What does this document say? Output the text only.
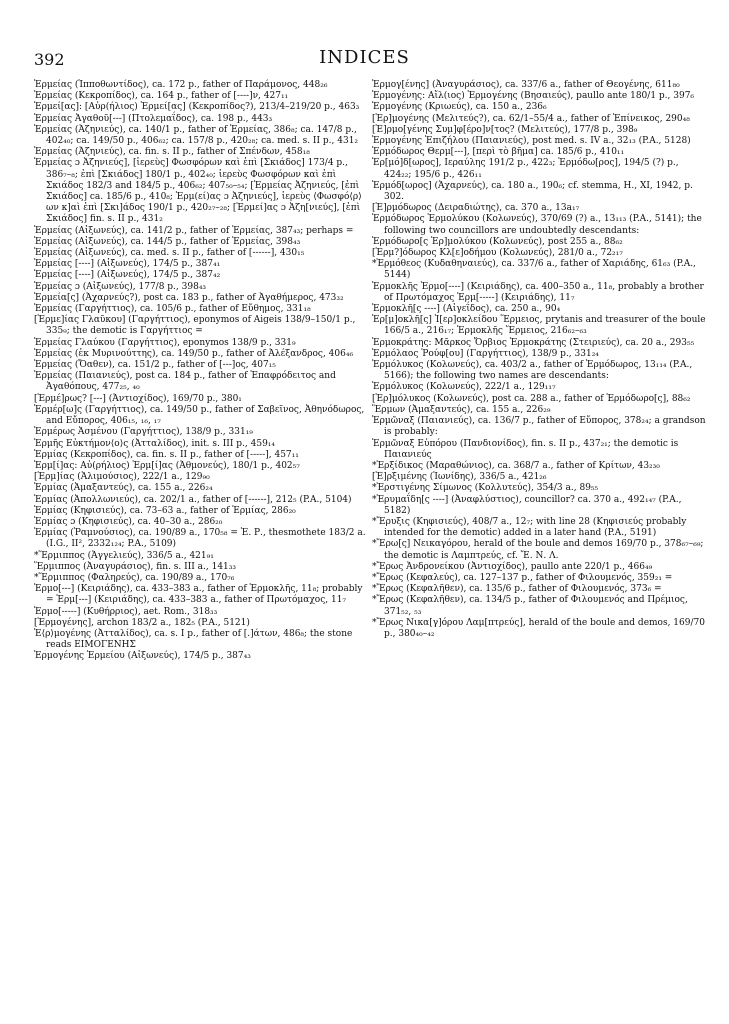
392	INDICES

Ἑρμείας (Ἱπποθωντίδος), ca. 172 p., father of Παράμονος, 448₂₆

Ἑρμείας (Κεκροπίδος), ca. 164 p., father of [----]ν, 427₁₁

Ἑρμεί[ας]: [Αὐρ(ήλιος) Ἑρμεί[ας] (Κεκροπίδος?), 213/4–219/20 p., 463₃

Ἑρμείας Ἀγαθοῦ[---] (Πτολεμαΐδος), ca. 198 p., 443₃

Ἑρμείας (Ἀζηνιεύς), ca. 140/1 p., father of Ἑρμείας, 386₈; ca. 147/8 p., 402₄₀; ca. 149/50 p., 406₆₂; ca. 157/8 p., 420₂₈; ca. med. s. II p., 431₂

Ἑρμείας (Ἀζηνιεύς), ca. fin. s. II p., father of Σπένδων, 458₁₈

Ἑρμείας ɔ Ἀζηνιεύς], [ἱερεὺς] Φωσφόρων καὶ ἐπὶ [Σκιάδος] 173/4 p., 386₇–₈; ἐπὶ [Σκιάδος] 180/1 p., 402₄₀; ἱερεὺς Φωσφόρων καὶ ἐπὶ Σκιάδος 182/3 and 184/5 p., 406₆₂; 407₅₀–₅₄; [Ἑρμείας Ἀζηνιεύς, [ἐπὶ Σκιάδος] ca. 185/6 p., 410₈; Ἑρμ(εί)ας ɔ Ἀζηνιεύς], ἱερεὺς ⟨Φωσφό⟨ρ⟩ων κ]αὶ ἐπὶ [Σκι]άδος 190/1 p., 420₂₇–₂₈; [Ἑρμεί]ας ɔ Ἀζη[νιεύς], [ἐπὶ Σκιάδος] fin. s. II p., 431₂

Ἑρμείας (Αἰξωνεύς), ca. 141/2 p., father of Ἑρμείας, 387₄₃; perhaps =

Ἑρμείας (Αἰξωνεύς), ca. 144/5 p., father of Ἑρμείας, 398₄₃

Ἑρμείας (Αἰξωνεύς), ca. med. s. II p., father of [------], 430₁₅

Ἑρμείας [----] (Αἰξωνεύς), 174/5 p., 387₄₁

Ἑρμείας [----] (Αἰξωνεύς), 174/5 p., 387₄₂

Ἑρμείας ɔ (Αἰξωνεύς), 177/8 p., 398₄₃

Ἑρμεία[ς] (Ἀχαρνεύς?), post ca. 183 p., father of Ἀγαθήμερος, 473₃₂

Ἑρμείας (Γαργήττιος), ca. 105/6 p., father of Εὔθημος, 331₁₈

[Ἑρμε]ίας Γλαῦκου] (Γαργήττιος), eponymos of Aigeis 138/9–150/1 p., 335₉; the demotic is Γαργήττιος =

Ἑρμείας Γλαύκου (Γαργήττιος), eponymos 138/9 p., 331₉

Ἑρμείας (ἐκ Μυρινούττης), ca. 149/50 p., father of Ἀλέξανδρος, 406₄₆

Ἑρμείας (Ὄαθεν), ca. 151/2 p., father of [---]ος, 407₁₅

Ἑρμείας (Παιανιεύς), post ca. 184 p., father of Ἐπαφρόδειτος and Ἀγαθόπους, 477₂₅, ₄₀

[Ἑρμέ]ρως? [---] (Ἀντιοχίδος), 169/70 p., 380₁

Ἑρμέρ[ω]ς (Γαργήττιος), ca. 149/50 p., father of Σαβεῖνος, Ἀθηνόδωρος, and Εὔπορος, 406₁₅, ₁₆, ₁₇

Ἑρμέρως Ἀσμένου (Γαργήττιος), 138/9 p., 331₁₉

Ἑρμῆς Εὐκτήμον⟨ο⟩ς (Ἀτταλίδος), init. s. III p., 459₁₄

Ἑρμίας (Κεκροπίδος), ca. fin. s. II p., father of [-----], 457₁₁

Ἑρμ[ί]ας: Αὐ(ρήλιος) Ἑρμ[ί]ας (Ἀθμονεύς), 180/1 p., 402₅₇

[Ἑρμ]ίας (Ἁλιμούσιος), 222/1 a., 129₉₀

Ἑρμίας (Ἀμαξαντεύς), ca. 155 a., 226₂₄

Ἑρμίας (Ἀπολλωνιεύς), ca. 202/1 a., father of [------], 212₅ (P.A., 5104)

Ἑρμίας (Κηφισιεύς), ca. 73–63 a., father of Ἑρμίας, 286₂₀

Ἑρμίας ɔ (Κηφισιεύς), ca. 40–30 a., 286₂₀

Ἑρμίας (Ῥαμνούσιος), ca. 190/89 a., 170₅₈ = Ἑ. Ρ., thesmothete 183/2 a. (I.G., II², 2332₁₂₄; P.A., 5109)

*Ἕρμιππος (Ἀγγελιεύς), 336/5 a., 421₉₁

Ἕρμιππος (Ἀναγυράσιος), fin. s. III a., 141₃₃

*Ἕρμιππος (Φαληρεύς), ca. 190/89 a., 170₇₆

Ἑρμο[---] (Κειριάδης), ca. 433–383 a., father of Ἑρμοκλῆς, 11₈; probably = Ἑρμ[---] (Κειριάδης), ca. 433–383 a., father of Πρωτόμαχος, 11₇

Ἑρμο[-----] (Κυθήρριος), aet. Rom., 318₃₃

[Ἑρμογένης], archon 183/2 a., 182₅ (P.A., 5121)

Ἑ⟨ρ⟩μογένης (Ἀτταλίδος), ca. s. I p., father of [.]άτων, 486₈; the stone reads ΕΙΜΟΓΕΝΗΣ

Ἑρμογένης Ἑρμείου (Αἰξωνεύς), 174/5 p., 387₄₃

Ἑρμογ[ένης] (Ἀναγυράσιος), ca. 337/6 a., father of Θεογένης, 611₈₀

Ἑρμογένης: Αἴλ(ιος) Ἑρμογένης (Βησαιεύς), paullo ante 180/1 p., 397₆

Ἑρμογένης (Κριωεύς), ca. 150 a., 236₆

[Ἑρ]μογένης (Μελιτεύς?), ca. 62/1–55/4 a., father of Ἐπίνεικος, 290₄₈

[Ἑ]ρμο[γένης Συμ]φ[έρο]ν[τος? (Μελιτεύς), 177/8 p., 398₉

Ἑρμογένης Ἐπιζήλου (Παιανιεύς), post med. s. IV a., 32₁₃ (P.A., 5128)

Ἑρμόδωρος Θερμ[---], [περὶ τὸ βῆμα] ca. 185/6 p., 410₁₁

Ἑρ[μό]δ[ωρος], Ιεραύλης 191/2 p., 422₃; Ἑρμόδω[ρος], 194/5 (?) p., 424₂₂; 195/6 p., 426₁₁

Ἑρμόδ[ωρος] (Ἀχαρνεύς), ca. 180 a., 190₆; cf. stemma, H., XI, 1942, p. 302.

[Ἑ]ρμόδωρος (Δειραδιώτης), ca. 370 a., 13a₁₇

Ἑρμόδωρος Ἑρμολύκου (Κολωνεύς), 370/69 (?) a., 13₁₁₃ (P.A., 5141); the following two councillors are undoubtedly descendants:

Ἑρμόδωρο[ς Ἑρ]μολύκου (Κολωνεύς), post 255 a., 88₆₂

[Ἑρμ?]όδωρος Κλ[ε]οδήμου (Κολωνεύς), 281/0 a., 72₂₁₇

*Ἑρμόθεος (Κυδαθηναιεύς), ca. 337/6 a., father of Χαριάδης, 61₆₃ (P.A., 5144)

Ἑρμοκλῆς Ἑρμο[----] (Κειριάδης), ca. 400–350 a., 11₈, probably a brother of Πρωτόμαχος Ἑρμ[-----] (Κειριάδης), 11₇

Ἑρμοκλῆ[ς ----] (Αἰγεΐδος), ca. 250 a., 90₄

Ἑρ[μ]οκλῆ[ς] Ἱ[ερ]οκλείδου Ἕρμειος, prytanis and treasurer of the boule 166/5 a., 216₁₇; Ἑρμοκλῆς Ἕρμειος, 216₆₂–₆₃

Ἑρμοκράτης: Μᾶρκος Ὄρβιος Ἑρμοκράτης (Στειριεύς), ca. 20 a., 293₅₅

Ἑρμόλαος Ῥούφ[ου] (Γαργήττιος), 138/9 p., 331₂₄

Ἑρμόλυκος (Κολωνεύς), ca. 403/2 a., father of Ἑρμόδωρος, 13₁₁₄ (P.A., 5166); the following two names are descendants:

Ἑρμόλυκος (Κολωνεύς), 222/1 a., 129₁₁₇

[Ἑρ]μόλυκος (Κολωνεύς), post ca. 288 a., father of Ἑρμόδωρο[ς], 88₆₂

Ἕρμων (Ἀμαξαντεύς), ca. 155 a., 226₂₉

Ἑρμῶναξ (Παιανιεύς), ca. 136/7 p., father of Εὔπορος, 378₂₄; a grandson is probably:

Ἑρμῶναξ Εὐπόρου (Πανδιονίδος), fin. s. II p., 437₂₁; the demotic is Παιανιεύς

*Ἐρξίδικος (Μαραθώνιος), ca. 368/7 a., father of Κρίτων, 43₂₃₀

[Ἐ]ρξιμένης (Ἰωνίδης), 336/5 a., 421₂₆

*Ἐρστιγένης Σίμωνος (Κολλυτεύς), 354/3 a., 89₅₅

*Ἐρυμαΐδη[ς ----] (Ἀναφλύστιος), councillor? ca. 370 a., 492₁₄₇ (P.A., 5182)

*Ἔρυξις (Κηφισιεύς), 408/7 a., 12₇; with line 28 (Κηφισιεύς probably intended for the demotic) added in a later hand (P.A., 5191)

*Ἔρω[ς] Νεικαγόρου, herald of the boule and demos 169/70 p., 378₆₇–₆₉; the demotic is Λαμπτρεύς, cf. Ἔ. Ν. Λ.

*Ἔρως Ἀνδρονείκου (Ἀντιοχίδος), paullo ante 220/1 p., 466₄₉

*Ἔρως (Κεφαλεύς), ca. 127–137 p., father of Φιλουμενός, 359₂₁ =

*Ἔρως (Κεφαλῆθεν), ca. 135/6 p., father of Φιλουμενός, 373₆ =

*Ἔρως (Κεφαλῆθεν), ca. 134/5 p., father of Φιλουμενός and Πρέμιος, 371₅₂, ₅₃

*Ἔρως Νικα[γ]όρου Λαμ[πτρεύς], herald of the boule and demos, 169/70 p., 380₄₀–₄₂
